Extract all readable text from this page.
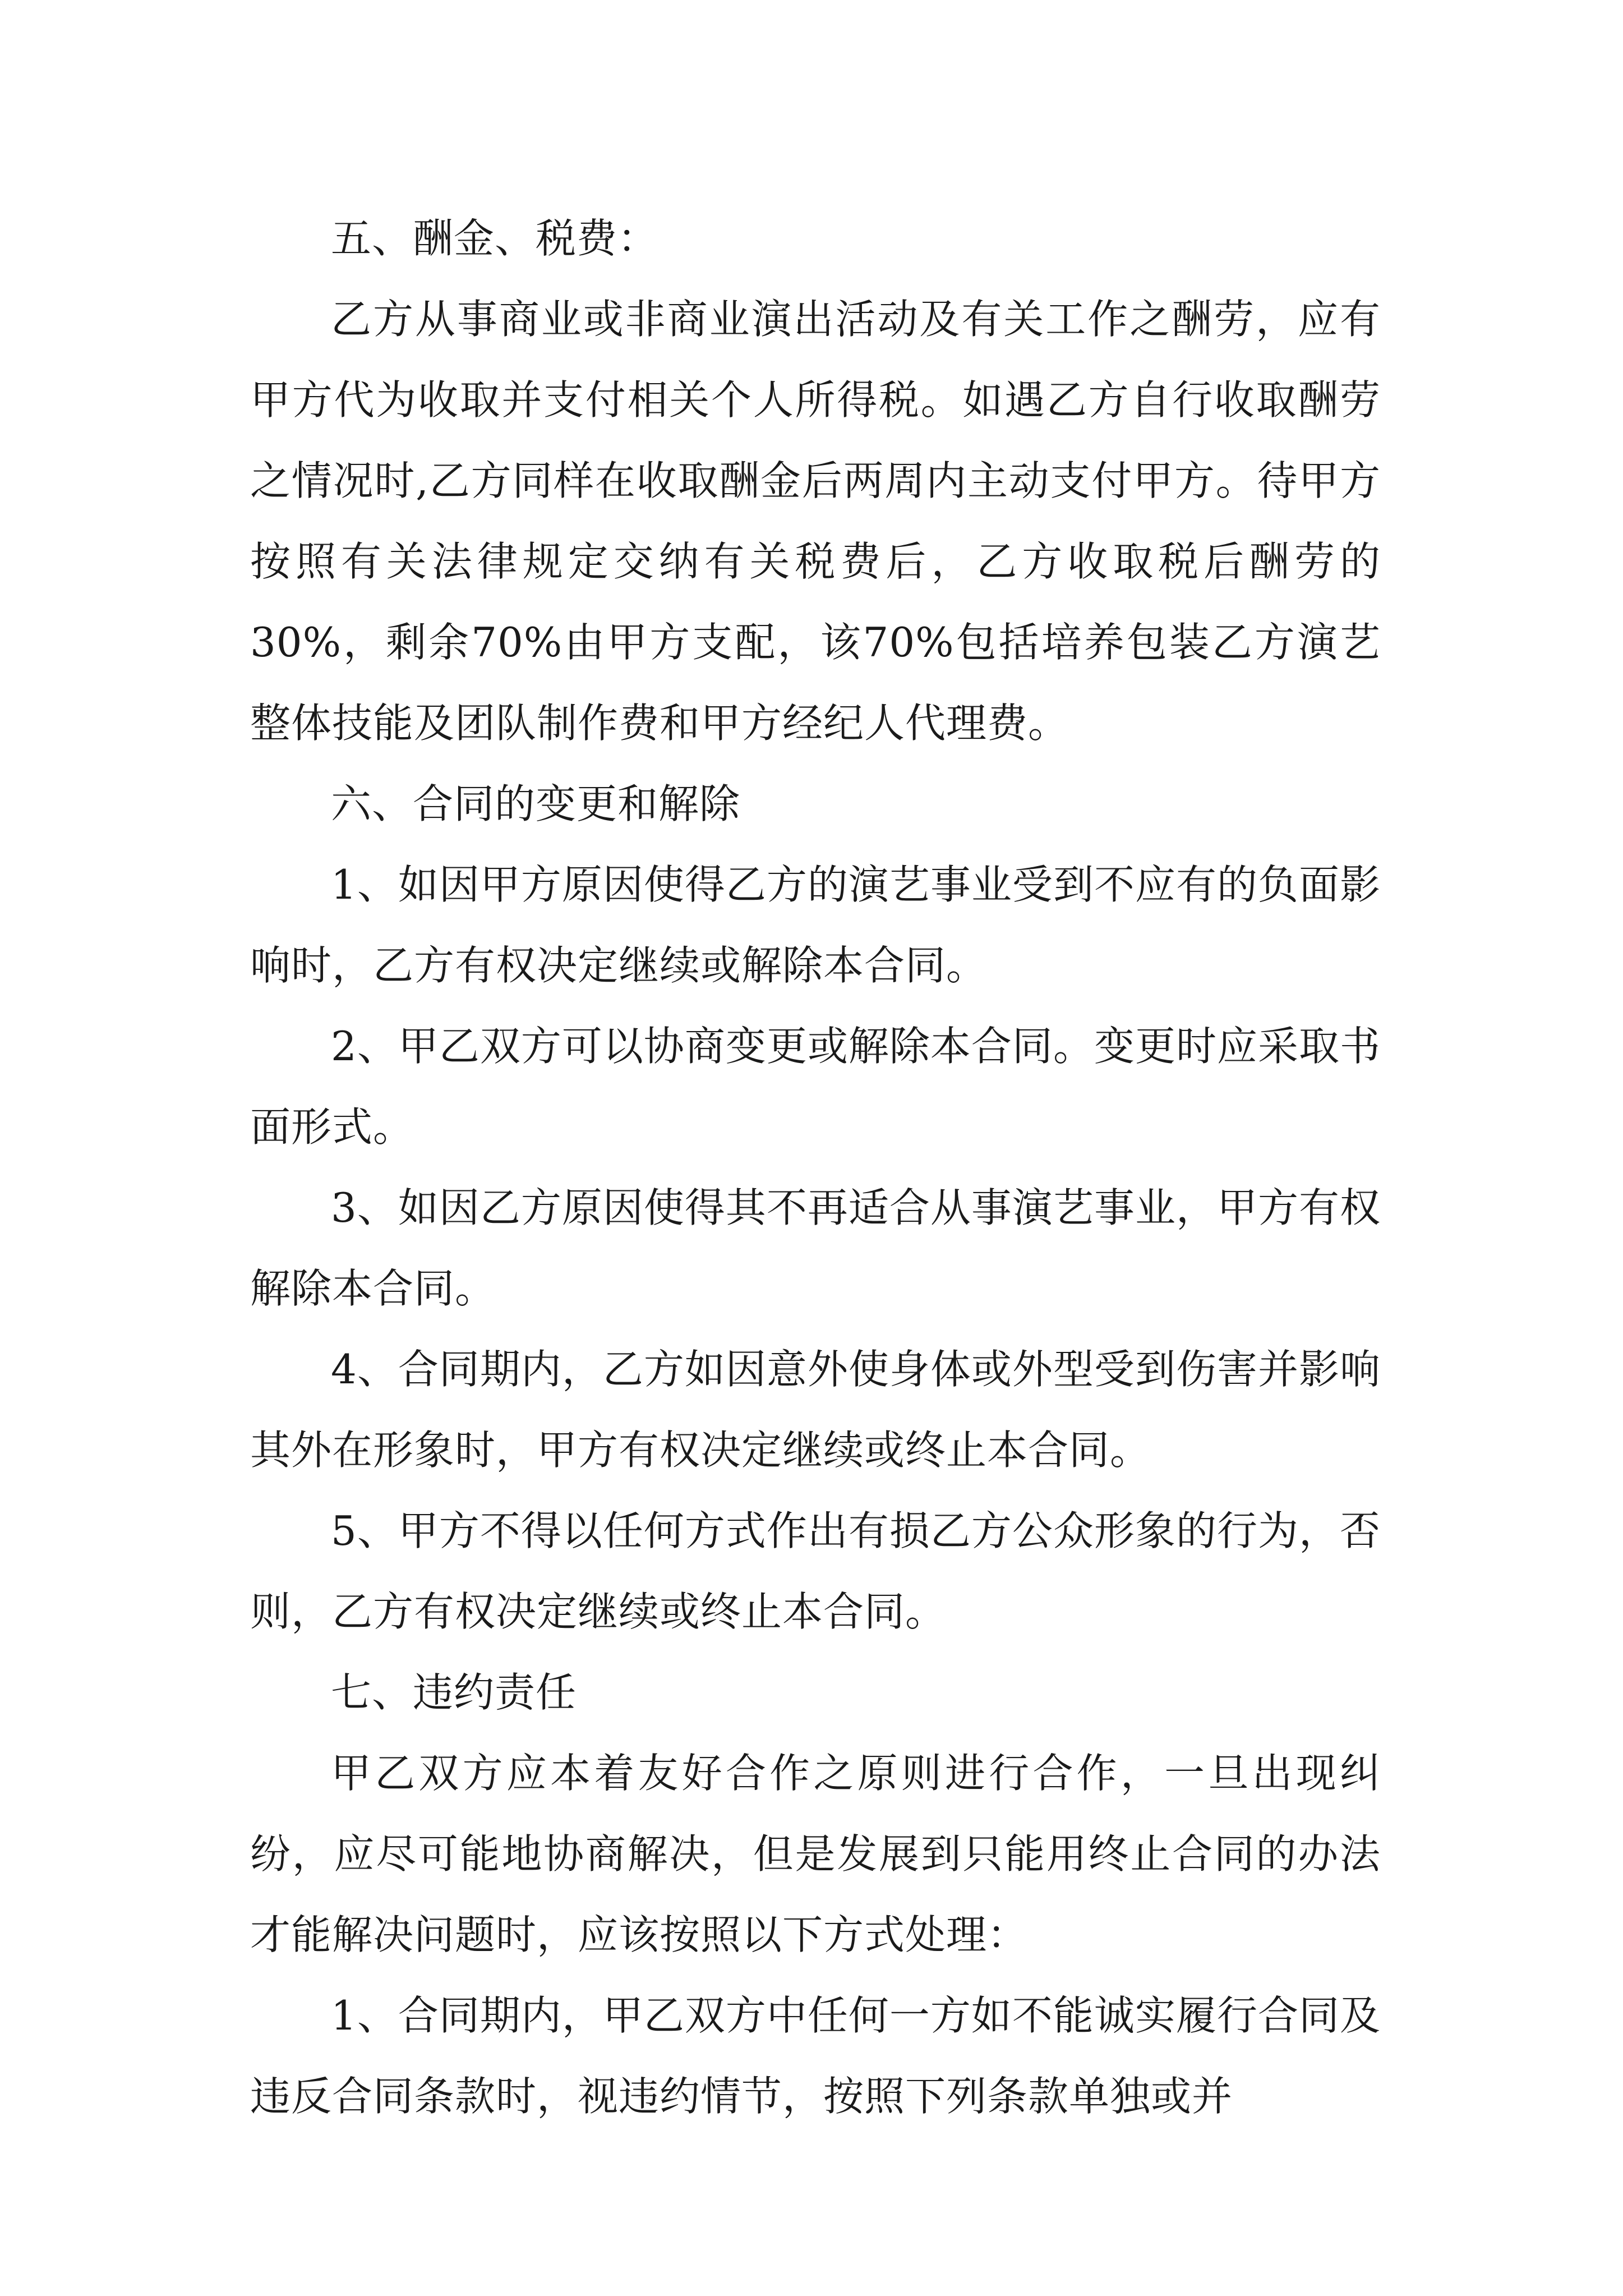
五、酬金、税费：

乙方从事商业或非商业演出活动及有关工作之酬劳，应有甲方代为收取并支付相关个人所得税。如遇乙方自行收取酬劳之情况时,乙方同样在收取酬金后两周内主动支付甲方。待甲方按照有关法律规定交纳有关税费后，乙方收取税后酬劳的30%，剩余70%由甲方支配，该70%包括培养包装乙方演艺整体技能及团队制作费和甲方经纪人代理费。

六、合同的变更和解除

1、如因甲方原因使得乙方的演艺事业受到不应有的负面影响时，乙方有权决定继续或解除本合同。

2、甲乙双方可以协商变更或解除本合同。变更时应采取书面形式。

3、如因乙方原因使得其不再适合从事演艺事业，甲方有权解除本合同。

4、合同期内，乙方如因意外使身体或外型受到伤害并影响其外在形象时，甲方有权决定继续或终止本合同。

5、甲方不得以任何方式作出有损乙方公众形象的行为，否则，乙方有权决定继续或终止本合同。

七、违约责任

甲乙双方应本着友好合作之原则进行合作，一旦出现纠纷，应尽可能地协商解决，但是发展到只能用终止合同的办法才能解决问题时，应该按照以下方式处理：

1、合同期内，甲乙双方中任何一方如不能诚实履行合同及违反合同条款时，视违约情节，按照下列条款单独或并
